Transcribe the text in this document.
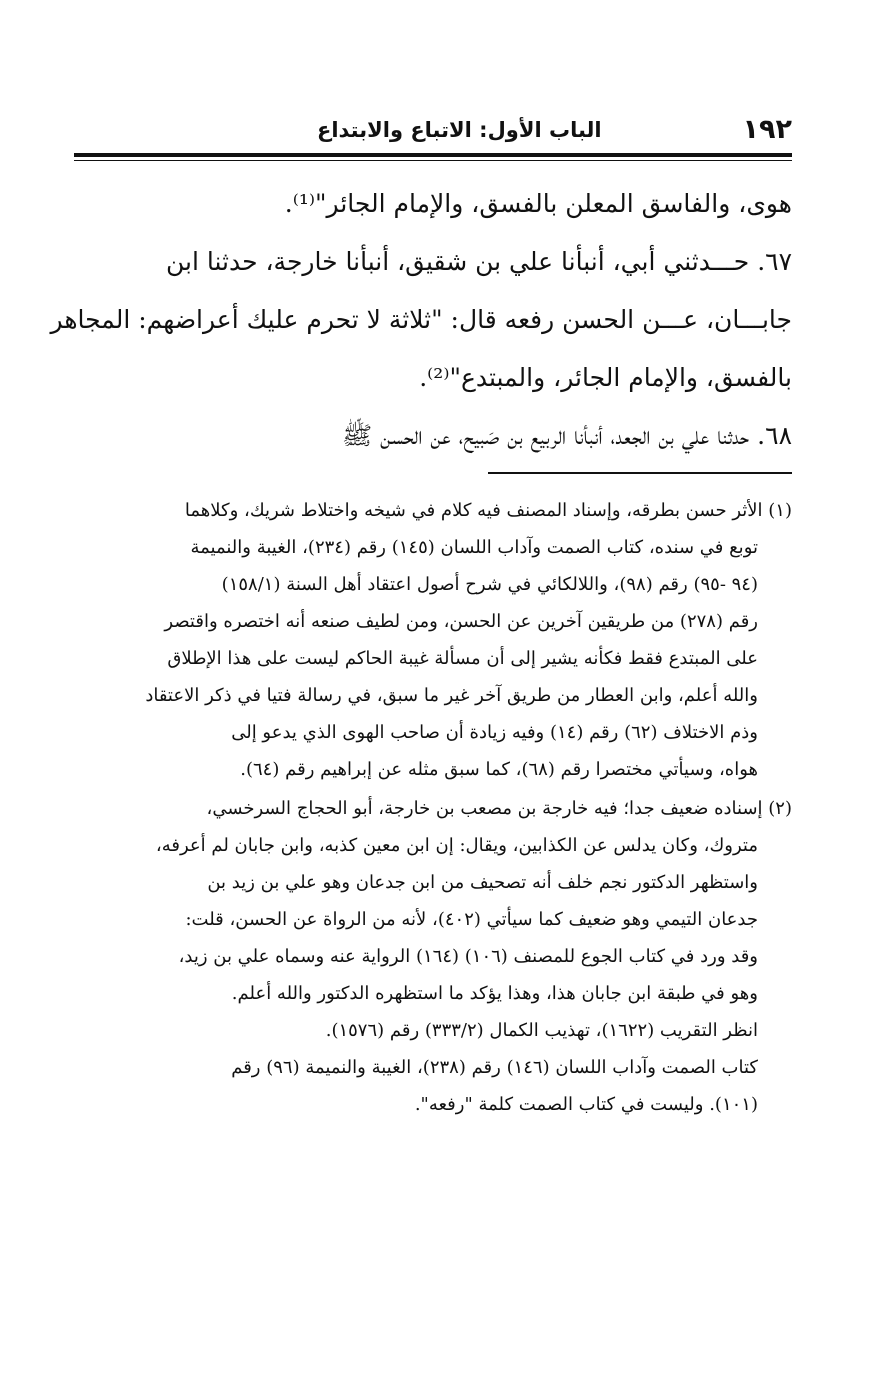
١٩٢
الباب الأول: الاتباع والابتداع
هوى، والفاسق المعلن بالفسق، والإمام الجائر"⁽¹⁾.
٦٧. حـــدثني أبي، أنبأنا علي بن شقيق، أنبأنا خارجة، حدثنا ابن
جابـــان، عـــن الحسن رفعه قال: "ثلاثة لا تحرم عليك أعراضهم: المجاهر
بالفسق، والإمام الجائر، والمبتدع"⁽²⁾.
٦٨. حدثنا علي بن الجعد، أنبأنا الربيع بن صَبيح، عن الحسن ﷺ
(١) الأثر حسن بطرقه، وإسناد المصنف فيه كلام في شيخه واختلاط شريك، وكلاهما
توبع في سنده، كتاب الصمت وآداب اللسان (١٤٥) رقم (٢٣٤)، الغيبة والنميمة
(٩٤ -٩٥) رقم (٩٨)، واللالكائي في شرح أصول اعتقاد أهل السنة (١٥٨/١)
رقم (٢٧٨) من طريقين آخرين عن الحسن، ومن لطيف صنعه أنه اختصره واقتصر
على المبتدع فقط فكأنه يشير إلى أن مسألة غيبة الحاكم ليست على هذا الإطلاق
والله أعلم، وابن العطار من طريق آخر غير ما سبق، في رسالة فتيا في ذكر الاعتقاد
وذم الاختلاف (٦٢) رقم (١٤) وفيه زيادة أن صاحب الهوى الذي يدعو إلى
هواه، وسيأتي مختصرا رقم (٦٨)، كما سبق مثله عن إبراهيم رقم (٦٤).
(٢) إسناده ضعيف جدا؛ فيه خارجة بن مصعب بن خارجة، أبو الحجاج السرخسي،
متروك، وكان يدلس عن الكذابين، ويقال: إن ابن معين كذبه، وابن جابان لم أعرفه،
واستظهر الدكتور نجم خلف أنه تصحيف من ابن جدعان وهو علي بن زيد بن
جدعان التيمي وهو ضعيف كما سيأتي (٤٠٢)، لأنه من الرواة عن الحسن، قلت:
وقد ورد في كتاب الجوع للمصنف (١٠٦) (١٦٤) الرواية عنه وسماه علي بن زيد،
وهو في طبقة ابن جابان هذا، وهذا يؤكد ما استظهره الدكتور والله أعلم.
انظر التقريب (١٦٢٢)، تهذيب الكمال (٣٣٣/٢) رقم (١٥٧٦).
كتاب الصمت وآداب اللسان (١٤٦) رقم (٢٣٨)، الغيبة والنميمة (٩٦) رقم
(١٠١). وليست في كتاب الصمت كلمة "رفعه".
